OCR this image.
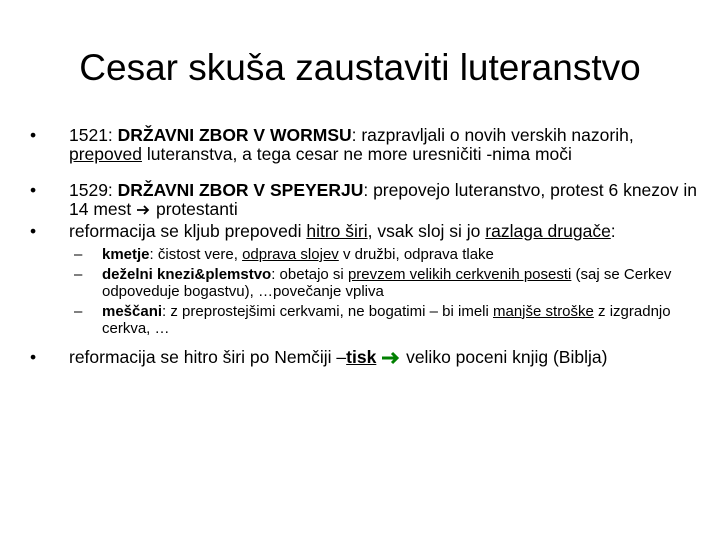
Cesar skuša zaustaviti luteranstvo
• 1521: DRŽAVNI ZBOR V WORMSU: razpravljali o novih verskih nazorih, prepoved luteranstva, a tega cesar ne more uresničiti -nima moči
• 1529: DRŽAVNI ZBOR V SPEYERJU: prepovejo luteranstvo, protest 6 knezov in 14 mest  protestanti
• reformacija se kljub prepovedi hitro širi, vsak sloj si jo razlaga drugače:
– kmetje: čistost vere, odprava slojev v družbi, odprava tlake
– deželni knezi&plemstvo: obetajo si prevzem velikih cerkvenih posesti (saj se Cerkev odpoveduje bogastvu), …povečanje vpliva
– meščani: z preprostejšimi cerkvami, ne bogatimi – bi imeli manjše stroške z izgradnjo cerkva, …
• reformacija se hitro širi po Nemčiji –tisk  veliko poceni knjig (Biblja)
